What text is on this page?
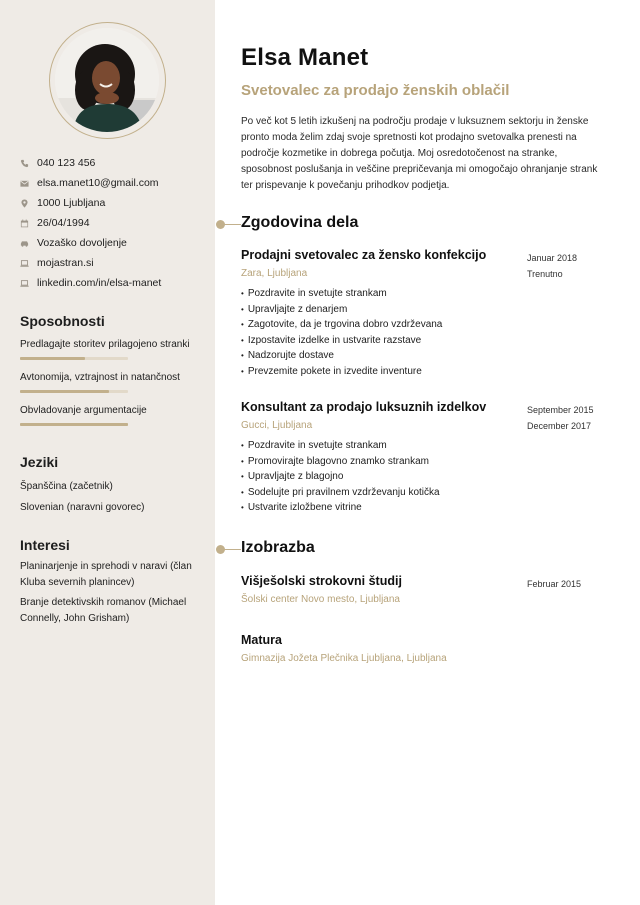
040 123 456
elsa.manet10@gmail.com
1000 Ljubljana
26/04/1994
Vozaško dovoljenje
mojastran.si
linkedin.com/in/elsa-manet
Sposobnosti
Predlagajte storitev prilagojeno stranki
Avtonomija, vztrajnost in natančnost
Obvladovanje argumentacije
Jeziki
Španščina (začetnik)
Slovenian (naravni govorec)
Interesi

Planinarjenje in sprehodi v naravi (član Kluba severnih planincev)

Branje detektivskih romanov (Michael Connelly, John Grisham)

Elsa Manet
Svetovalec za prodajo ženskih oblačil

Po več kot 5 letih izkušenj na področju prodaje v luksuznem sektorju in ženske pronto moda želim zdaj svoje spretnosti kot prodajno svetovalka prenesti na področje kozmetike in dobrega počutja. Moj osredotočenost na stranke, sposobnost poslušanja in veščine prepričevanja mi omogočajo ohranjanje strank ter prispevanje k povečanju prihodkov podjetja.

Zgodovina dela
Prodajni svetovalec za žensko konfekcijo
Zara, Ljubljana
Januar 2018
Trenutno
• Pozdravite in svetujte strankam
• Upravljajte z denarjem
• Zagotovite, da je trgovina dobro vzdrževana
• Izpostavite izdelke in ustvarite razstave
• Nadzorujte dostave
• Prevzemite pokete in izvedite inventure
Konsultant za prodajo luksuznih izdelkov
Gucci, Ljubljana
September 2015
December 2017
• Pozdravite in svetujte strankam
• Promovirajte blagovno znamko strankam
• Upravljajte z blagojno
• Sodelujte pri pravilnem vzdrževanju kotička
• Ustvarite izložbene vitrine
Izobrazba
Višješolski strokovni študij
Šolski center Novo mesto, Ljubljana
Februar 2015
Matura
Gimnazija Jožeta Plečnika Ljubljana, Ljubljana
